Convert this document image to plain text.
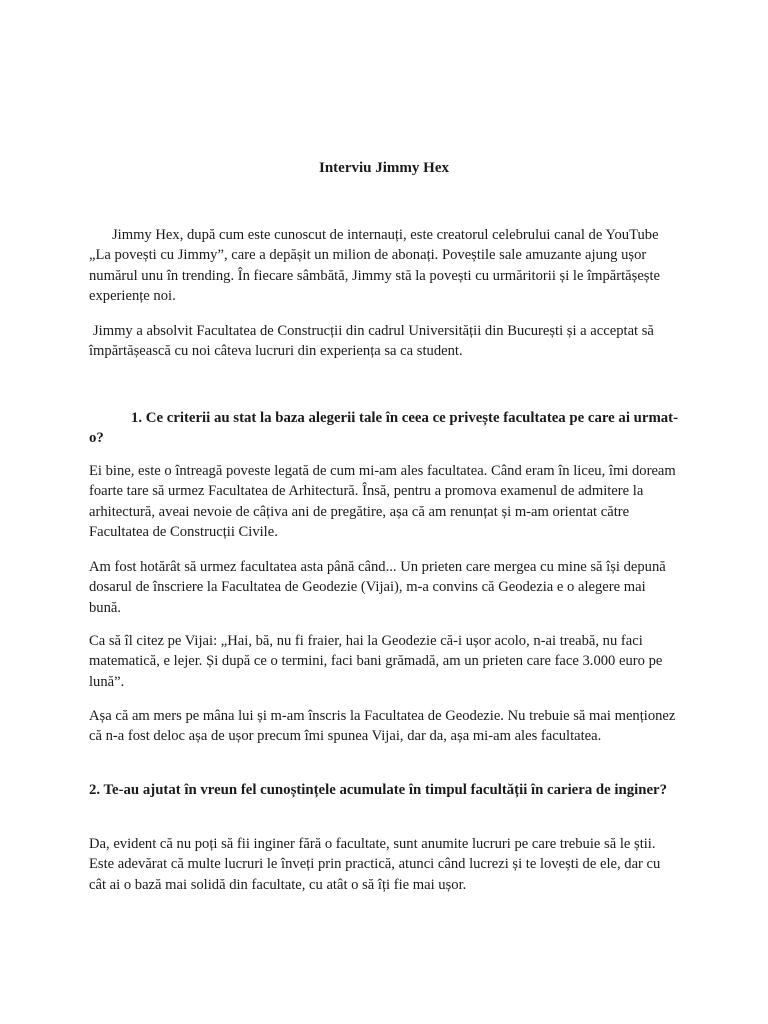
Interviu Jimmy Hex

Jimmy Hex, după cum este cunoscut de internauți, este creatorul celebrului canal de YouTube „La povești cu Jimmy”, care a depășit un milion de abonați. Poveștile sale amuzante ajung ușor numărul unu în trending. În fiecare sâmbătă, Jimmy stă la povești cu urmăritorii și le împărtășește experiențe noi.

Jimmy a absolvit Facultatea de Construcții din cadrul Universității din București și a acceptat să împărtășească cu noi câteva lucruri din experiența sa ca student.

1. Ce criterii au stat la baza alegerii tale în ceea ce privește facultatea pe care ai urmat-o?

Ei bine, este o întreagă poveste legată de cum mi-am ales facultatea. Când eram în liceu, îmi doream foarte tare să urmez Facultatea de Arhitectură. Însă, pentru a promova examenul de admitere la arhitectură, aveai nevoie de câțiva ani de pregătire, așa că am renunțat și m-am orientat către Facultatea de Construcții Civile.

Am fost hotărât să urmez facultatea asta până când... Un prieten care mergea cu mine să își depună dosarul de înscriere la Facultatea de Geodezie (Vijai), m-a convins că Geodezia e o alegere mai bună.

Ca să îl citez pe Vijai: „Hai, bă, nu fi fraier, hai la Geodezie că-i ușor acolo, n-ai treabă, nu faci matematică, e lejer. Și după ce o termini, faci bani grămadă, am un prieten care face 3.000 euro pe lună”.

Așa că am mers pe mâna lui și m-am înscris la Facultatea de Geodezie. Nu trebuie să mai menționez că n-a fost deloc așa de ușor precum îmi spunea Vijai, dar da, așa mi-am ales facultatea.

2. Te-au ajutat în vreun fel cunoștințele acumulate în timpul facultății în cariera de inginer?

Da, evident că nu poți să fii inginer fără o facultate, sunt anumite lucruri pe care trebuie să le știi. Este adevărat că multe lucruri le înveți prin practică, atunci când lucrezi și te lovești de ele, dar cu cât ai o bază mai solidă din facultate, cu atât o să îți fie mai ușor.
